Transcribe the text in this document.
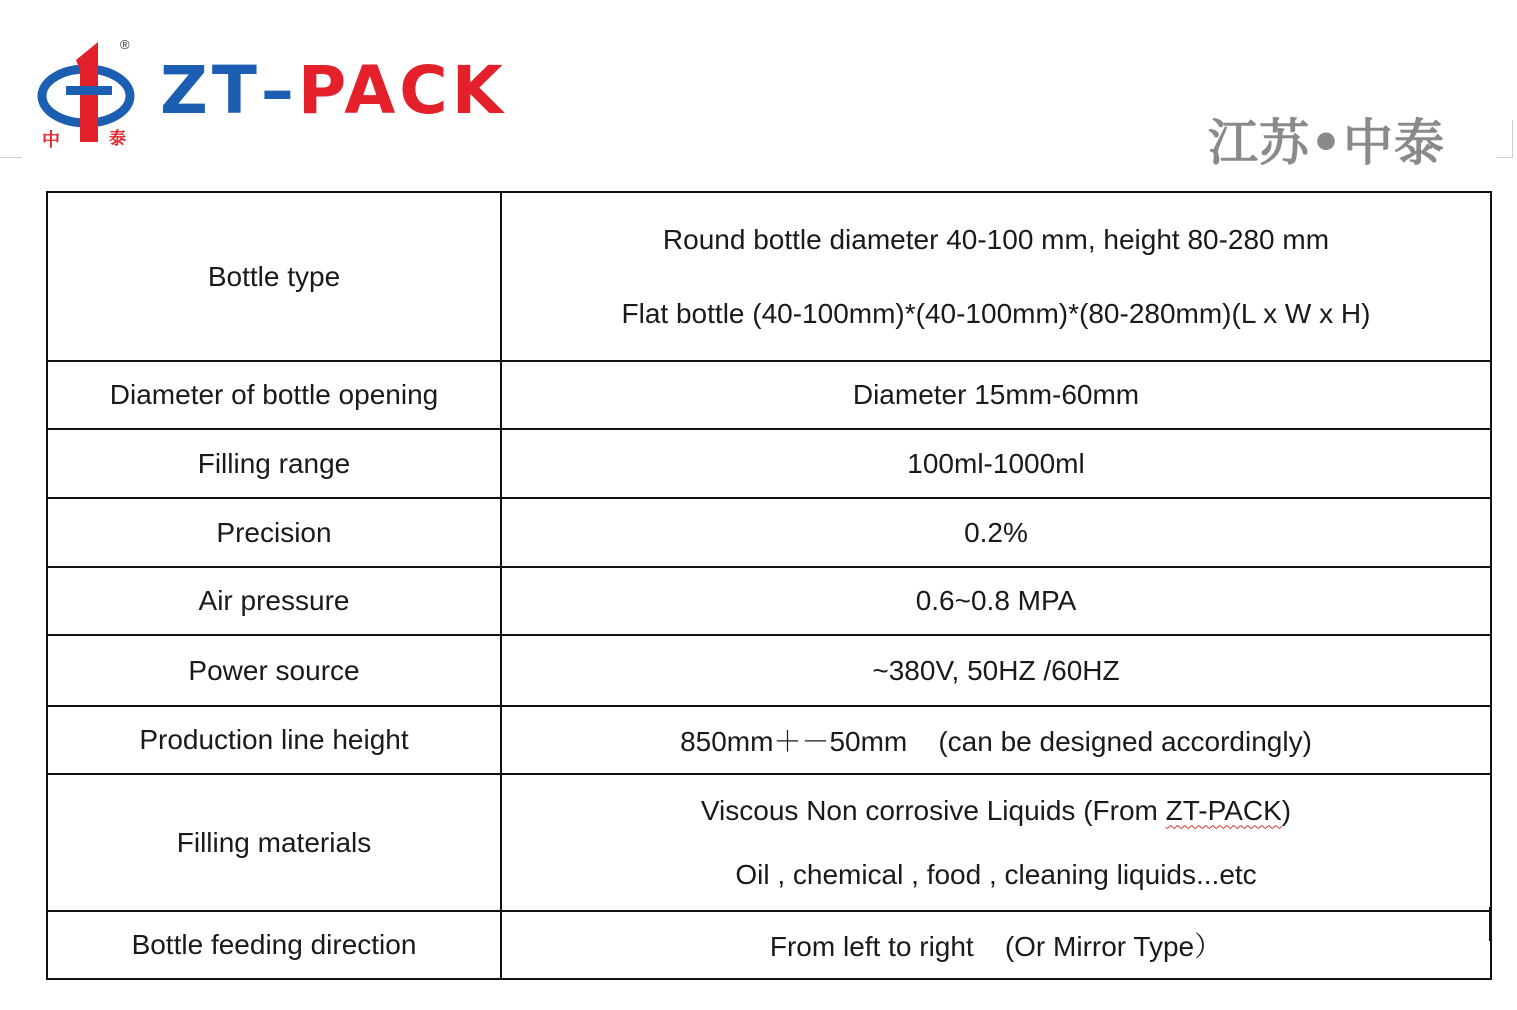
中	泰
®
ZT–PACK
江苏•中泰
Bottle type	Round bottle diameter 40-100 mm, height 80-280 mm
Flat bottle (40-100mm)*(40-100mm)*(80-280mm)(L x W x H)

Diameter of bottle opening	Diameter 15mm-60mm
Filling range	100ml-1000ml
Precision	0.2%
Air pressure	0.6~0.8 MPA
Power source	~380V, 50HZ /60HZ
Production line height	850mm＋－50mm    (can be designed accordingly)
Filling materials	Viscous Non corrosive Liquids (From ZT-PACK)
Oil , chemical , food , cleaning liquids...etc

Bottle feeding direction	From left to right    (Or Mirror Type）
